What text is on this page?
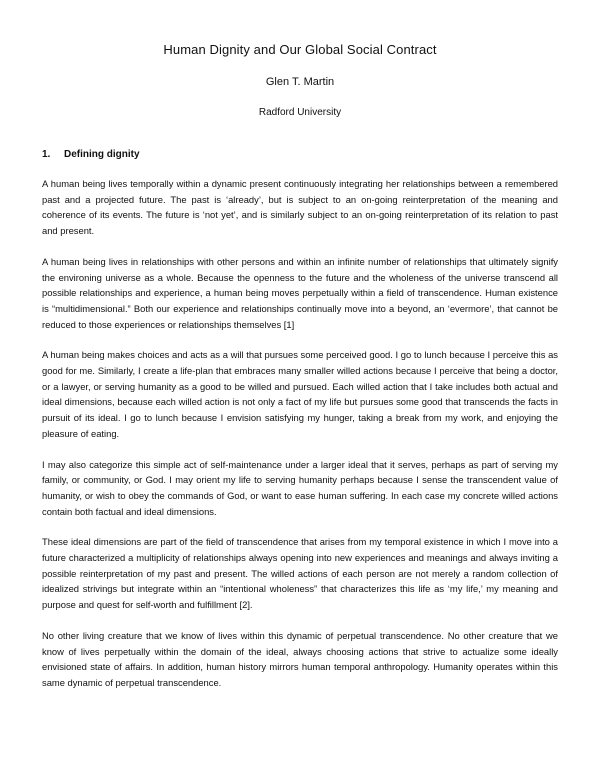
Human Dignity and Our Global Social Contract
Glen T. Martin
Radford University
1. Defining dignity

A human being lives temporally within a dynamic present continuously integrating her relationships between a remembered past and a projected future. The past is ‘already’, but is subject to an on-going reinterpretation of the meaning and coherence of its events. The future is ‘not yet’, and is similarly subject to an on-going reinterpretation of its relation to past and present.

A human being lives in relationships with other persons and within an infinite number of relationships that ultimately signify the environing universe as a whole. Because the openness to the future and the wholeness of the universe transcend all possible relationships and experience, a human being moves perpetually within a field of transcendence. Human existence is “multidimensional.” Both our experience and relationships continually move into a beyond, an ‘evermore’, that cannot be reduced to those experiences or relationships themselves [1]

A human being makes choices and acts as a will that pursues some perceived good. I go to lunch because I perceive this as good for me. Similarly, I create a life-plan that embraces many smaller willed actions because I perceive that being a doctor, or a lawyer, or serving humanity as a good to be willed and pursued. Each willed action that I take includes both actual and ideal dimensions, because each willed action is not only a fact of my life but pursues some good that transcends the facts in pursuit of its ideal. I go to lunch because I envision satisfying my hunger, taking a break from my work, and enjoying the pleasure of eating.

I may also categorize this simple act of self-maintenance under a larger ideal that it serves, perhaps as part of serving my family, or community, or God. I may orient my life to serving humanity perhaps because I sense the transcendent value of humanity, or wish to obey the commands of God, or want to ease human suffering. In each case my concrete willed actions contain both factual and ideal dimensions.

These ideal dimensions are part of the field of transcendence that arises from my temporal existence in which I move into a future characterized a multiplicity of relationships always opening into new experiences and meanings and always inviting a possible reinterpretation of my past and present. The willed actions of each person are not merely a random collection of idealized strivings but integrate within an “intentional wholeness” that characterizes this life as ‘my life,’ my meaning and purpose and quest for self-worth and fulfillment [2].

No other living creature that we know of lives within this dynamic of perpetual transcendence. No other creature that we know of lives perpetually within the domain of the ideal, always choosing actions that strive to actualize some ideally envisioned state of affairs. In addition, human history mirrors human temporal anthropology. Humanity operates within this same dynamic of perpetual transcendence.
